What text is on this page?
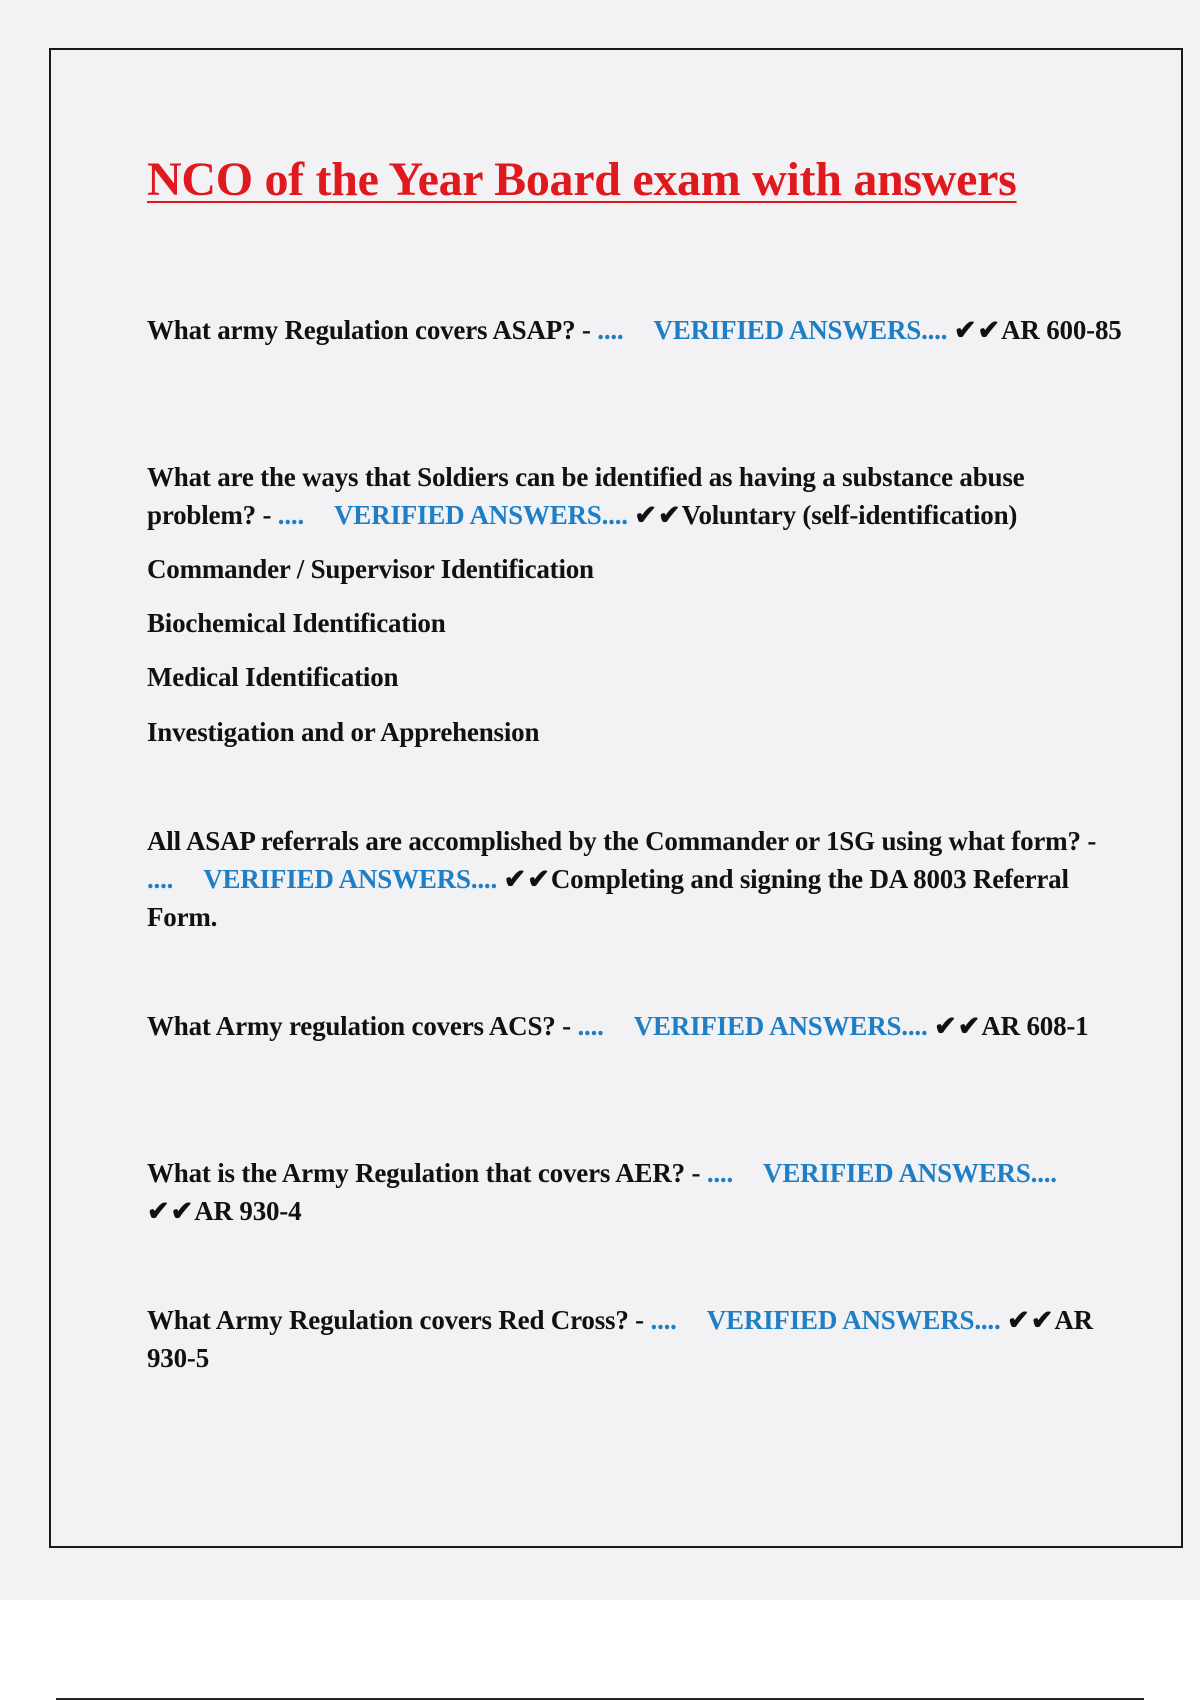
NCO of the Year Board exam with answers

What army Regulation covers ASAP? - .... VERIFIED ANSWERS.... ✔✔AR 600-85

What are the ways that Soldiers can be identified as having a substance abuse problem? - .... VERIFIED ANSWERS.... ✔✔Voluntary (self-identification)

Commander / Supervisor Identification

Biochemical Identification

Medical Identification

Investigation and or Apprehension

All ASAP referrals are accomplished by the Commander or 1SG using what form? - .... VERIFIED ANSWERS.... ✔✔Completing and signing the DA 8003 Referral Form.

What Army regulation covers ACS? - .... VERIFIED ANSWERS.... ✔✔AR 608-1

What is the Army Regulation that covers AER? - .... VERIFIED ANSWERS.... ✔✔AR 930-4

What Army Regulation covers Red Cross? - .... VERIFIED ANSWERS.... ✔✔AR 930-5
